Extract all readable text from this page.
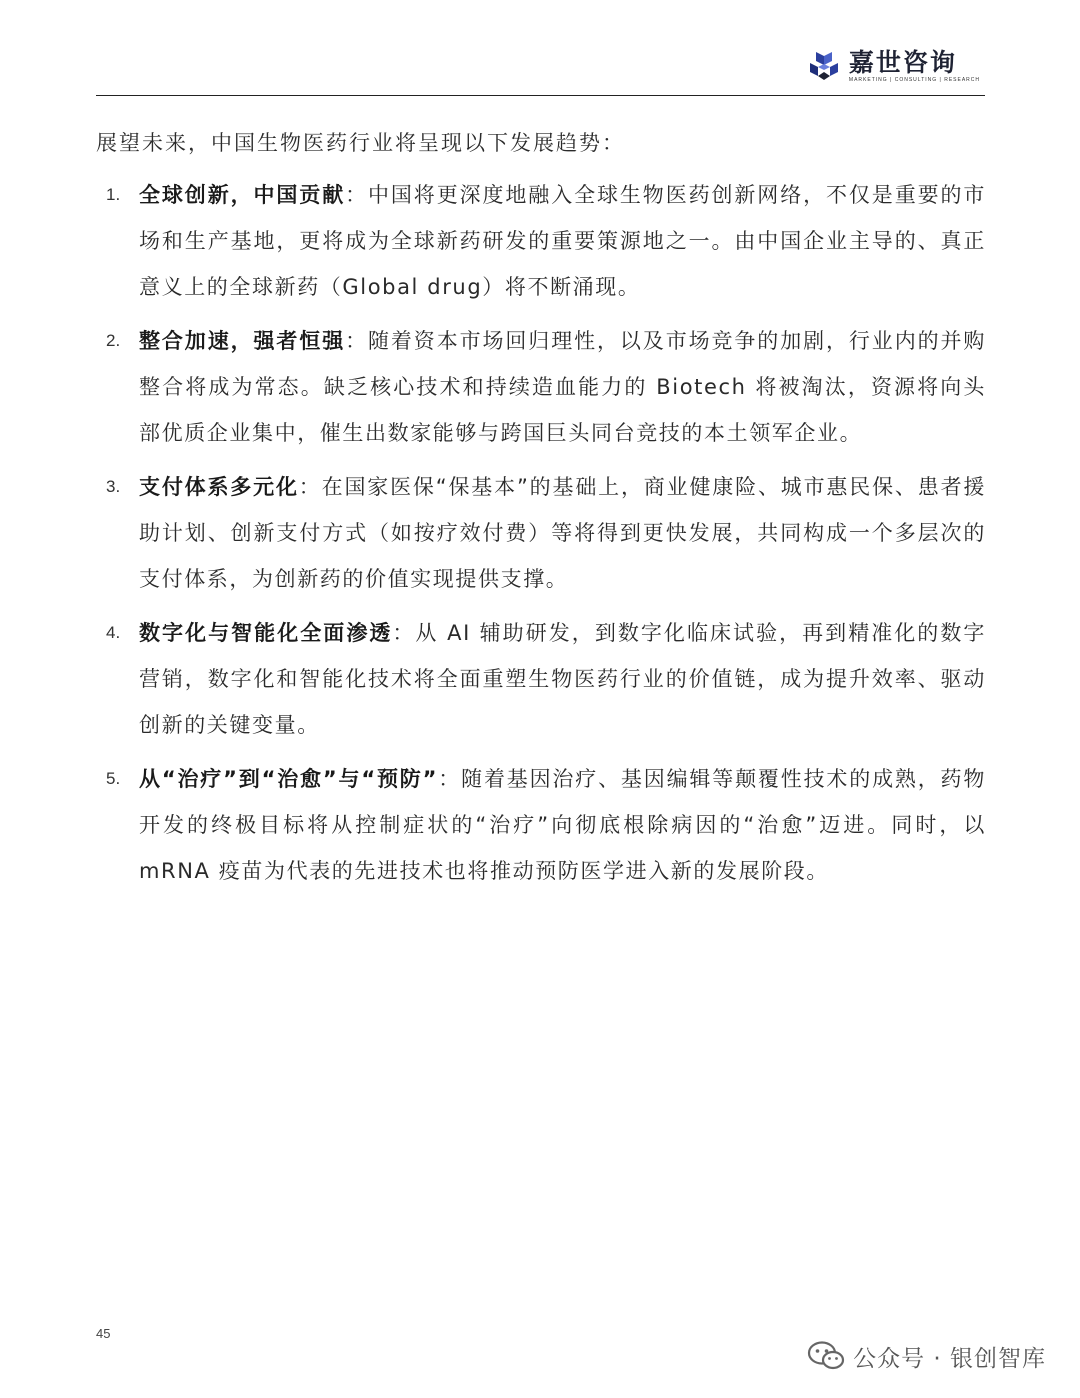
嘉世咨询
MARKETING | CONSULTING | RESEARCH

展望未来，中国生物医药行业将呈现以下发展趋势：

1. 全球创新，中国贡献：中国将更深度地融入全球生物医药创新网络，不仅是重要的市场和生产基地，更将成为全球新药研发的重要策源地之一。由中国企业主导的、真正意义上的全球新药（Global drug）将不断涌现。
2. 整合加速，强者恒强：随着资本市场回归理性，以及市场竞争的加剧，行业内的并购整合将成为常态。缺乏核心技术和持续造血能力的 Biotech 将被淘汰，资源将向头部优质企业集中，催生出数家能够与跨国巨头同台竞技的本土领军企业。
3. 支付体系多元化：在国家医保“保基本”的基础上，商业健康险、城市惠民保、患者援助计划、创新支付方式（如按疗效付费）等将得到更快发展，共同构成一个多层次的支付体系，为创新药的价值实现提供支撑。
4. 数字化与智能化全面渗透：从 AI 辅助研发，到数字化临床试验，再到精准化的数字营销，数字化和智能化技术将全面重塑生物医药行业的价值链，成为提升效率、驱动创新的关键变量。
5. 从“治疗”到“治愈”与“预防”：随着基因治疗、基因编辑等颠覆性技术的成熟，药物开发的终极目标将从控制症状的“治疗”向彻底根除病因的“治愈”迈进。同时，以 mRNA 疫苗为代表的先进技术也将推动预防医学进入新的发展阶段。
45
公众号 · 银创智库
